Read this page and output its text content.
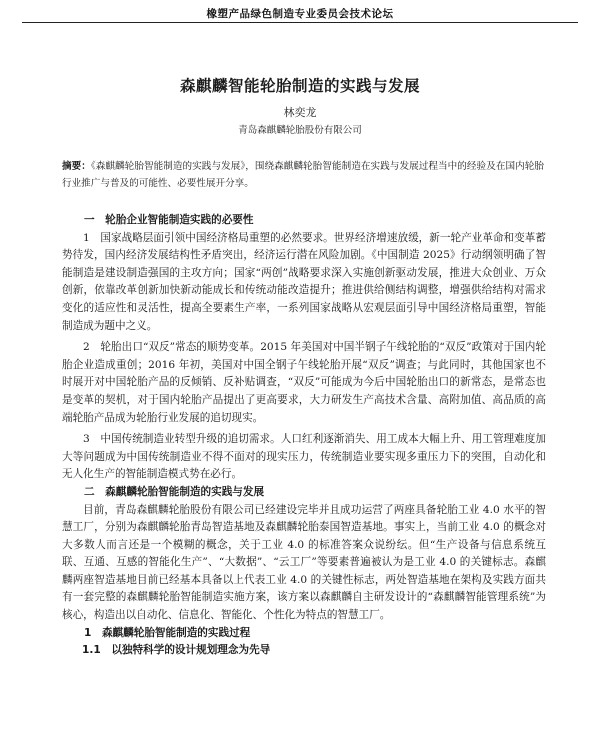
橡塑产品绿色制造专业委员会技术论坛
森麒麟智能轮胎制造的实践与发展
林奕龙
青岛森麒麟轮胎股份有限公司
摘要：《森麒麟轮胎智能制造的实践与发展》，围绕森麒麟轮胎智能制造在实践与发展过程当中的经验及在国内轮胎行业推广与普及的可能性、必要性展开分享。

一　轮胎企业智能制造实践的必要性

1　国家战略层面引领中国经济格局重塑的必然要求。世界经济增速放缓，新一轮产业革命和变革蓄势待发，国内经济发展结构性矛盾突出，经济运行潜在风险加剧。《中国制造 2025》行动纲领明确了智能制造是建设制造强国的主攻方向；国家“两创”战略要求深入实施创新驱动发展，推进大众创业、万众创新，依靠改革创新加快新动能成长和传统动能改造提升；推进供给侧结构调整，增强供给结构对需求变化的适应性和灵活性，提高全要素生产率，一系列国家战略从宏观层面引导中国经济格局重塑，智能制造成为题中之义。

2　轮胎出口“双反”常态的顺势变革。2015 年美国对中国半钢子午线轮胎的“双反”政策对于国内轮胎企业造成重创；2016 年初，美国对中国全钢子午线轮胎开展“双反”调查；与此同时，其他国家也不时展开对中国轮胎产品的反倾销、反补贴调查，“双反”可能成为今后中国轮胎出口的新常态，是常态也是变革的契机，对于国内轮胎产品提出了更高要求，大力研发生产高技术含量、高附加值、高品质的高端轮胎产品成为轮胎行业发展的追切现实。

3　中国传统制造业转型升级的追切需求。人口红利逐渐消失、用工成本大幅上升、用工管理难度加大等问题成为中国传统制造业不得不面对的现实压力，传统制造业要实现多重压力下的突围，自动化和无人化生产的智能制造模式势在必行。

二　森麒麟轮胎智能制造的实践与发展

目前，青岛森麒麟轮胎股份有限公司已经建设完毕并且成功运营了两座具备轮胎工业 4.0 水平的智慧工厂，分别为森麒麟轮胎青岛智造基地及森麒麟轮胎泰国智造基地。事实上，当前工业 4.0 的概念对大多数人而言还是一个模糊的概念，关于工业 4.0 的标准答案众说纷纭。但“生产设备与信息系统互联、互通、互感的智能化生产”、“大数据”、“云工厂”等要素普遍被认为是工业 4.0 的关键标志。森麒麟两座智造基地目前已经基本具备以上代表工业 4.0 的关键性标志，两处智造基地在架构及实践方面共有一套完整的森麒麟轮胎智能制造实施方案，该方案以森麒麟自主研发设计的“森麒麟智能管理系统”为核心，构造出以自动化、信息化、智能化、个性化为特点的智慧工厂。

1　森麒麟轮胎智能制造的实践过程

1.1　以独特科学的设计规划理念为先导
